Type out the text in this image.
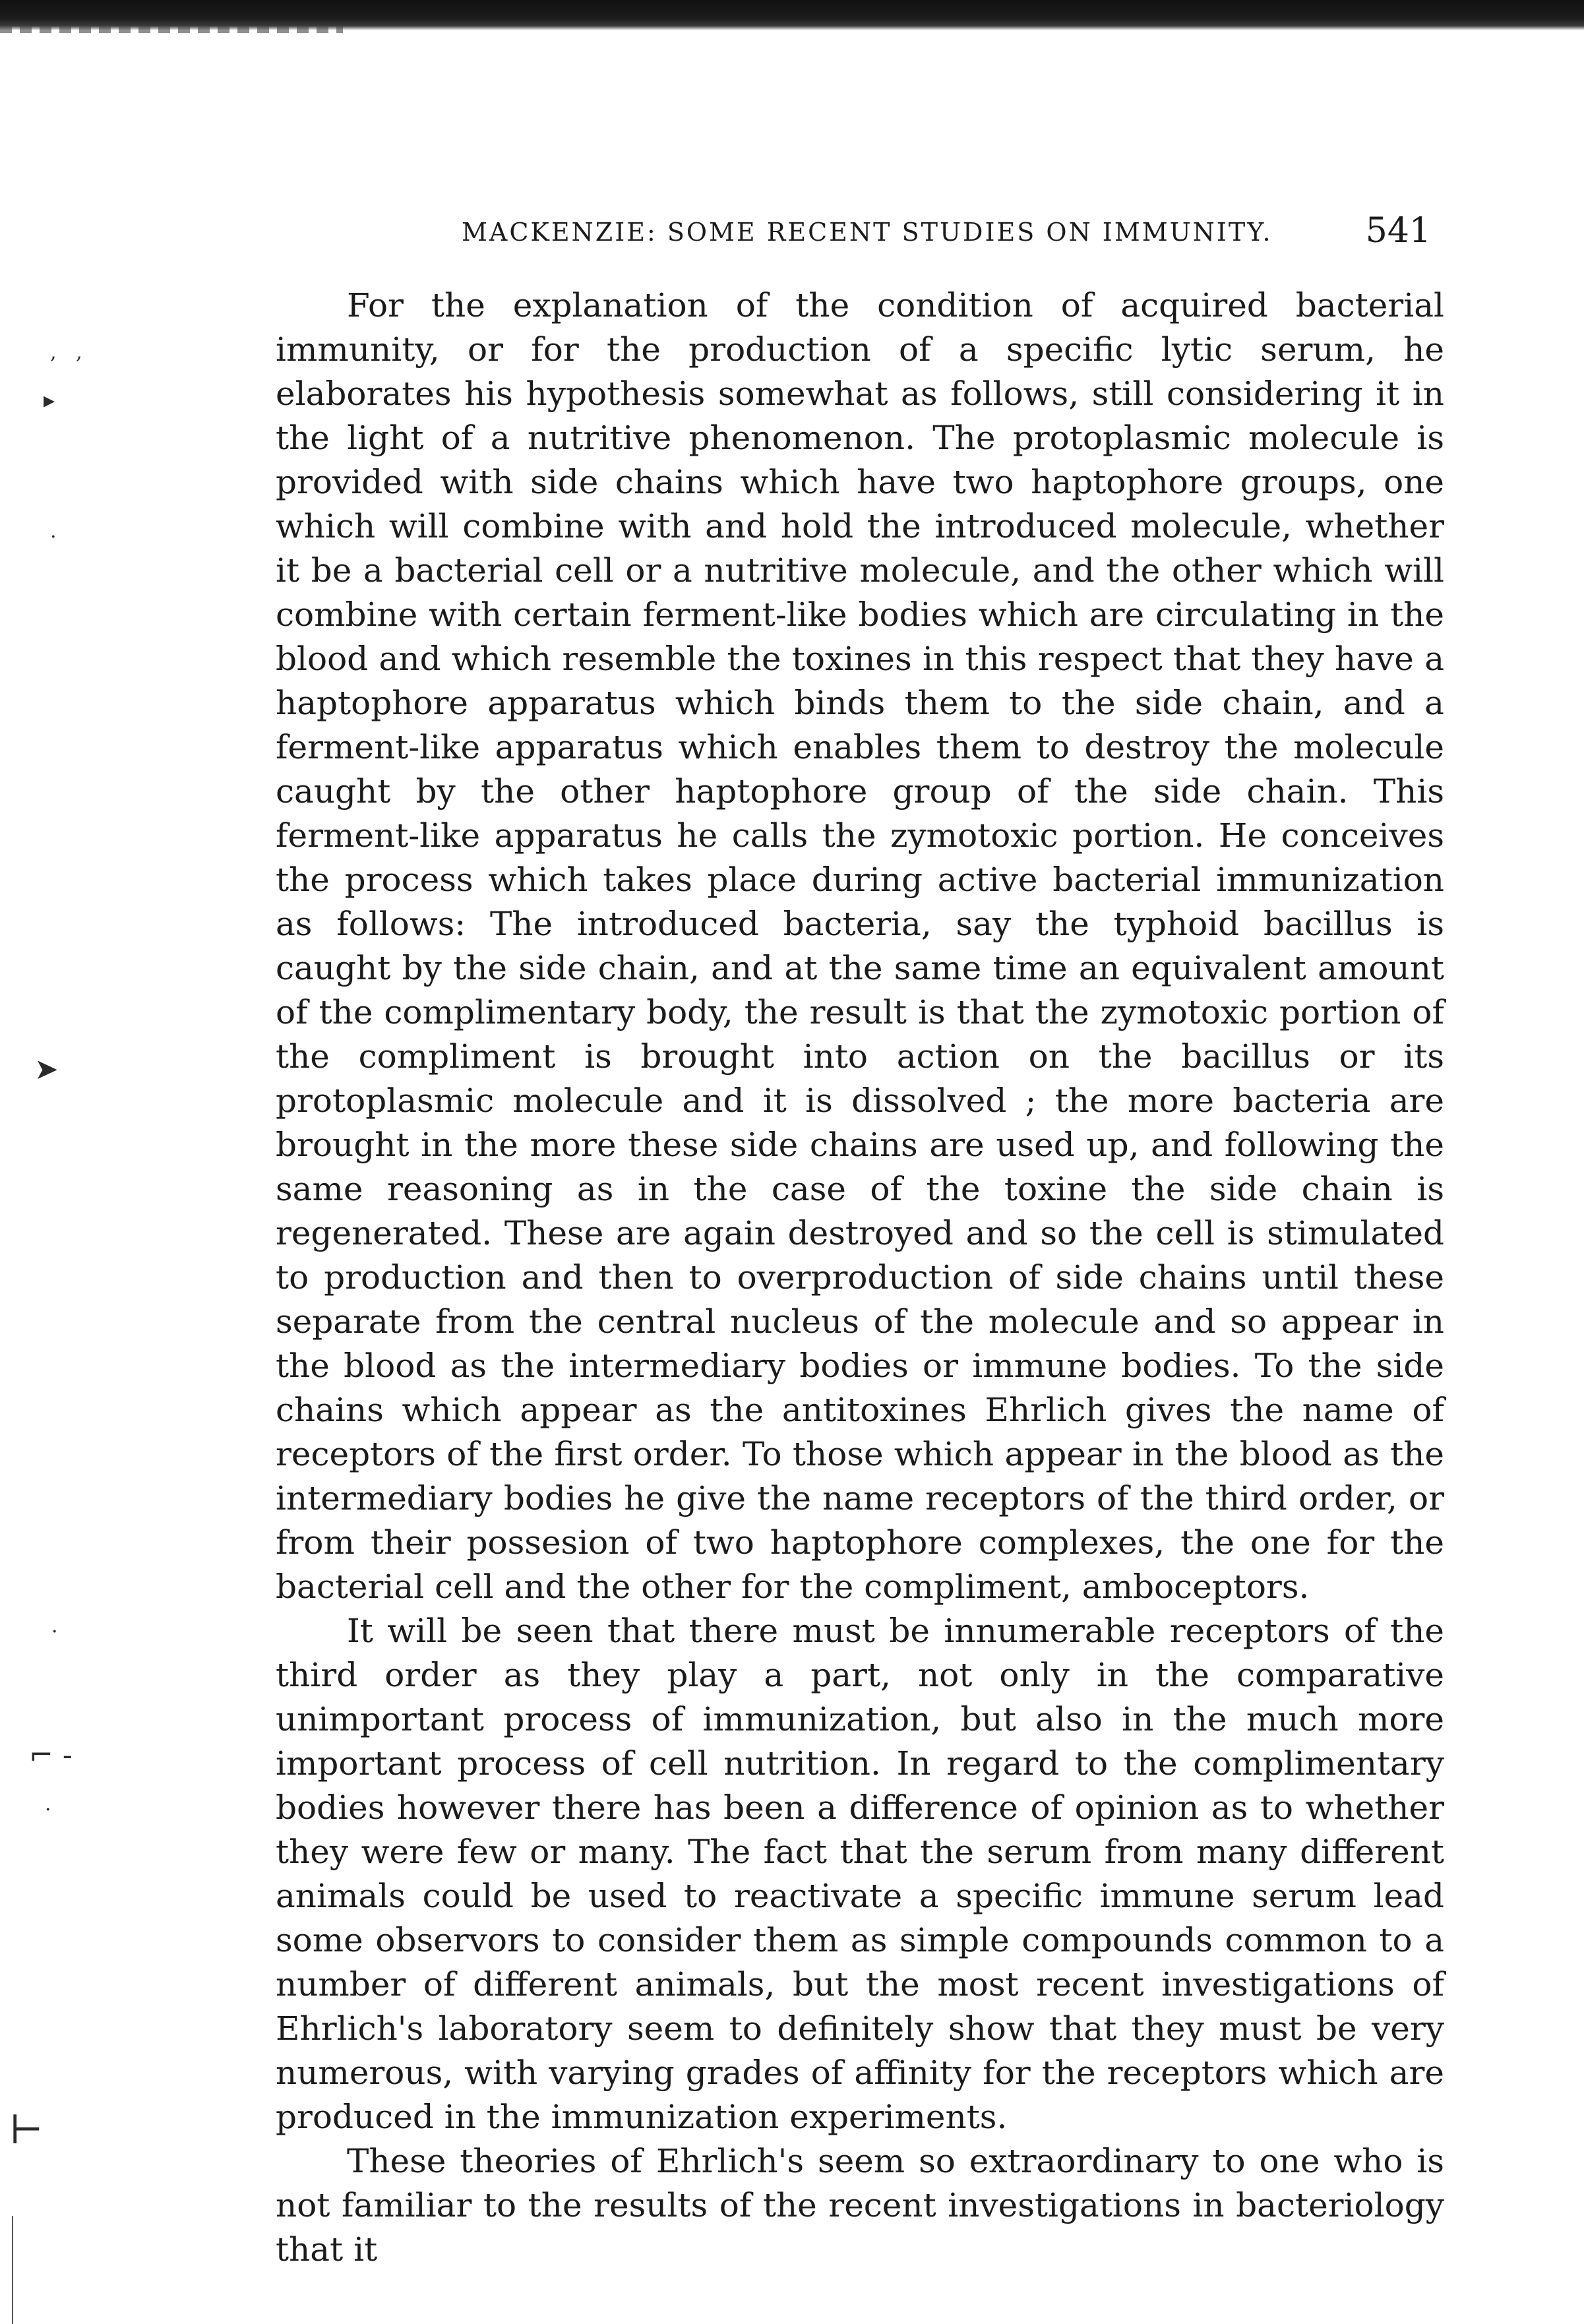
MACKENZIE: SOME RECENT STUDIES ON IMMUNITY.	541

For the explanation of the condition of acquired bacterial immunity, or for the production of a specific lytic serum, he elaborates his hypothesis somewhat as follows, still considering it in the light of a nutritive phenomenon. The protoplasmic molecule is provided with side chains which have two haptophore groups, one which will combine with and hold the introduced molecule, whether it be a bacterial cell or a nutritive molecule, and the other which will combine with certain ferment-like bodies which are circulating in the blood and which resemble the toxines in this respect that they have a haptophore apparatus which binds them to the side chain, and a ferment-like apparatus which enables them to destroy the molecule caught by the other haptophore group of the side chain. This ferment-like apparatus he calls the zymotoxic portion. He conceives the process which takes place during active bacterial immunization as follows: The introduced bacteria, say the typhoid bacillus is caught by the side chain, and at the same time an equivalent amount of the complimentary body, the result is that the zymotoxic portion of the compliment is brought into action on the bacillus or its protoplasmic molecule and it is dissolved ; the more bacteria are brought in the more these side chains are used up, and following the same reasoning as in the case of the toxine the side chain is regenerated. These are again destroyed and so the cell is stimulated to production and then to overproduction of side chains until these separate from the central nucleus of the molecule and so appear in the blood as the intermediary bodies or immune bodies. To the side chains which appear as the antitoxines Ehrlich gives the name of receptors of the first order. To those which appear in the blood as the intermediary bodies he give the name receptors of the third order, or from their possesion of two haptophore complexes, the one for the bacterial cell and the other for the compliment, amboceptors.

It will be seen that there must be innumerable receptors of the third order as they play a part, not only in the comparative unimportant process of immunization, but also in the much more important process of cell nutrition. In regard to the complimentary bodies however there has been a difference of opinion as to whether they were few or many. The fact that the serum from many different animals could be used to reactivate a specific immune serum lead some observors to consider them as simple compounds common to a number of different animals, but the most recent investigations of Ehrlich's laboratory seem to definitely show that they must be very numerous, with varying grades of affinity for the receptors which are produced in the immunization experiments.

These theories of Ehrlich's seem so extraordinary to one who is not familiar to the results of the recent investigations in bacteriology that it

, ,
▸
·
➤
·
⌐ -
·
⊢
